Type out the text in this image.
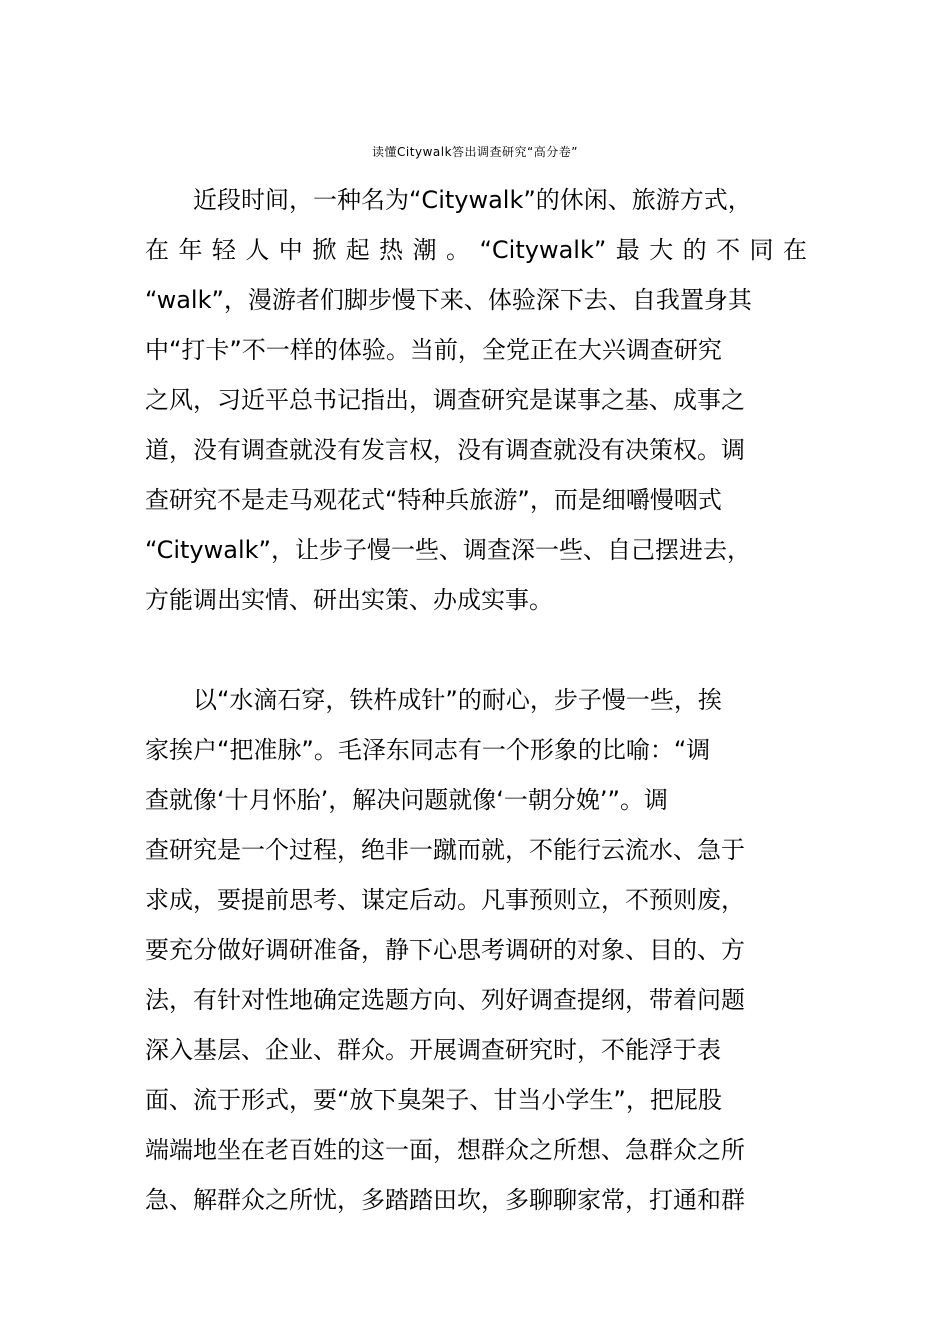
读懂Citywalk答出调查研究“高分卷”
　　近段时间，一种名为“Citywalk”的休闲、旅游方式，
在年轻人中掀起热潮。“Citywalk”最大的不同在
“walk”，漫游者们脚步慢下来、体验深下去、自我置身其
中“打卡”不一样的体验。当前，全党正在大兴调查研究
之风，习近平总书记指出，调查研究是谋事之基、成事之
道，没有调查就没有发言权，没有调查就没有决策权。调
查研究不是走马观花式“特种兵旅游”，而是细嚼慢咽式
“Citywalk”，让步子慢一些、调查深一些、自己摆进去，
方能调出实情、研出实策、办成实事。
　　以“水滴石穿，铁杵成针”的耐心，步子慢一些，挨
家挨户“把准脉”。毛泽东同志有一个形象的比喻：“调
查就像‘十月怀胎’，解决问题就像‘一朝分娩’”。调
查研究是一个过程，绝非一蹴而就，不能行云流水、急于
求成，要提前思考、谋定后动。凡事预则立，不预则废，
要充分做好调研准备，静下心思考调研的对象、目的、方
法，有针对性地确定选题方向、列好调查提纲，带着问题
深入基层、企业、群众。开展调查研究时，不能浮于表
面、流于形式，要“放下臭架子、甘当小学生”，把屁股
端端地坐在老百姓的这一面，想群众之所想、急群众之所
急、解群众之所忧，多踏踏田坎，多聊聊家常，打通和群
